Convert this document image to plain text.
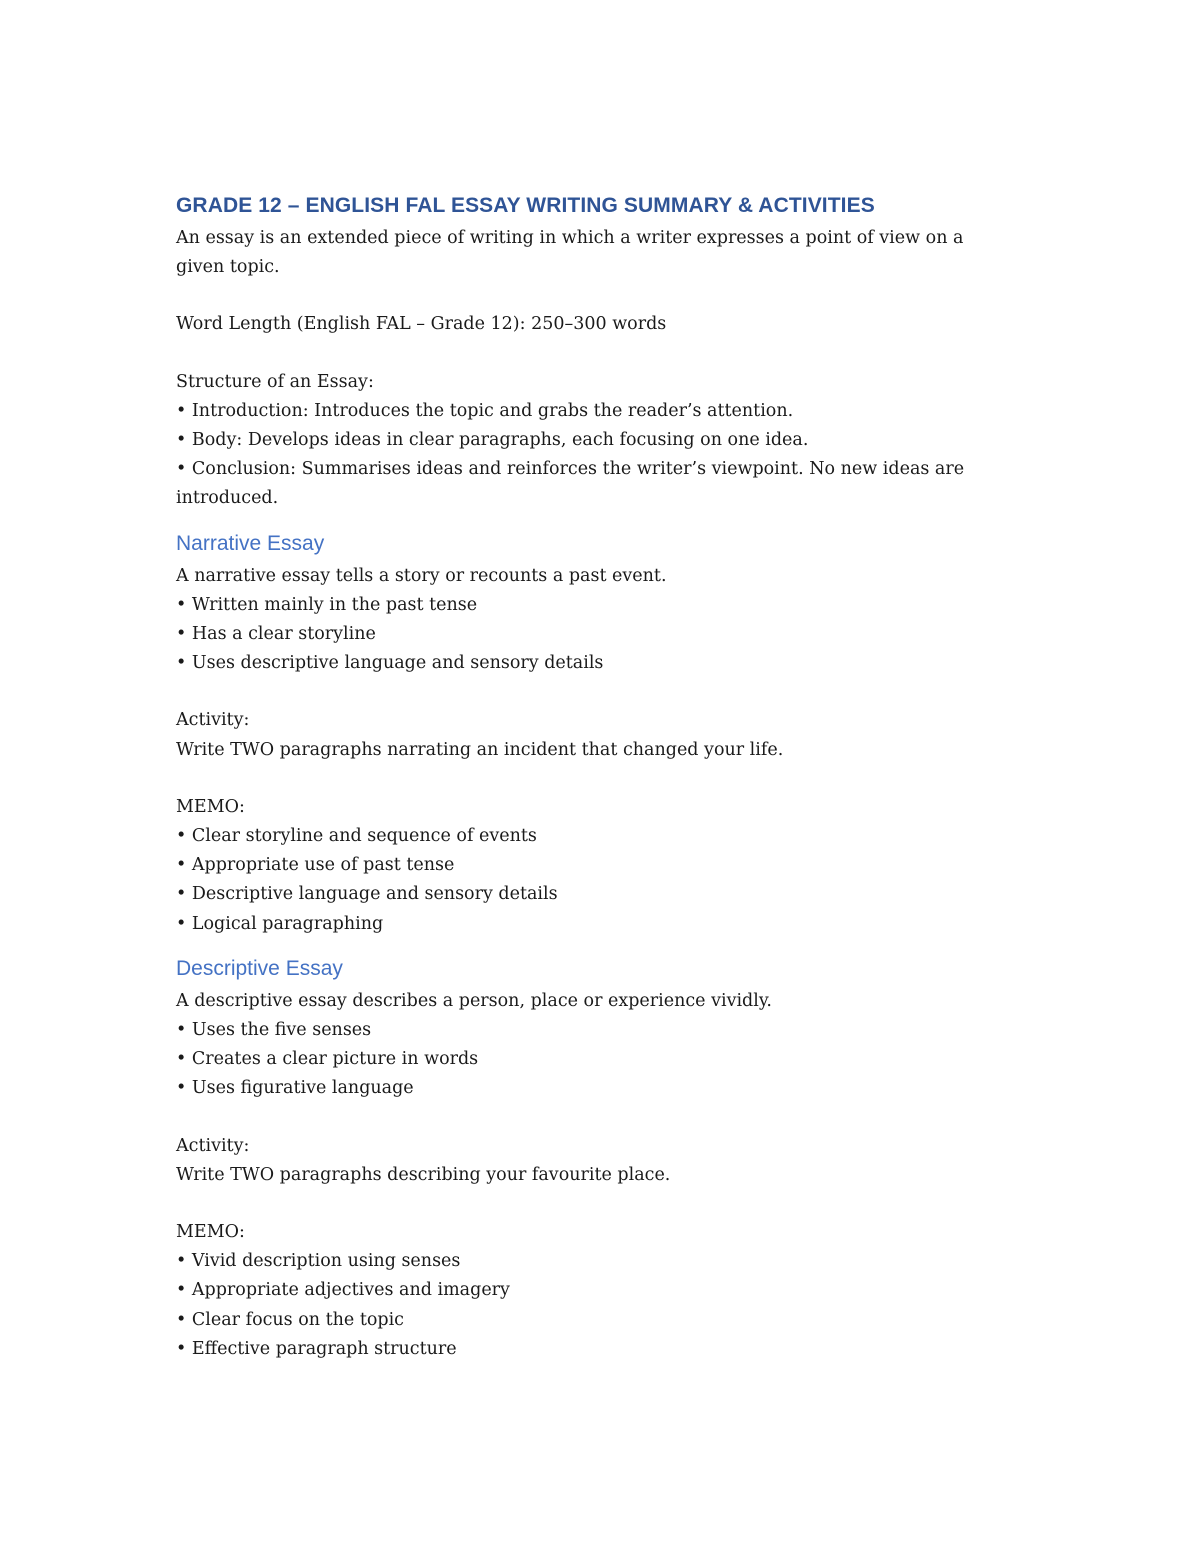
GRADE 12 – ENGLISH FAL ESSAY WRITING SUMMARY & ACTIVITIES

An essay is an extended piece of writing in which a writer expresses a point of view on a given topic.

Word Length (English FAL – Grade 12): 250–300 words

Structure of an Essay:

• Introduction: Introduces the topic and grabs the reader’s attention.

• Body: Develops ideas in clear paragraphs, each focusing on one idea.

• Conclusion: Summarises ideas and reinforces the writer’s viewpoint. No new ideas are introduced.

Narrative Essay

A narrative essay tells a story or recounts a past event.

• Written mainly in the past tense

• Has a clear storyline

• Uses descriptive language and sensory details

Activity:

Write TWO paragraphs narrating an incident that changed your life.

MEMO:

• Clear storyline and sequence of events

• Appropriate use of past tense

• Descriptive language and sensory details

• Logical paragraphing

Descriptive Essay

A descriptive essay describes a person, place or experience vividly.

• Uses the five senses

• Creates a clear picture in words

• Uses figurative language

Activity:

Write TWO paragraphs describing your favourite place.

MEMO:

• Vivid description using senses

• Appropriate adjectives and imagery

• Clear focus on the topic

• Effective paragraph structure
